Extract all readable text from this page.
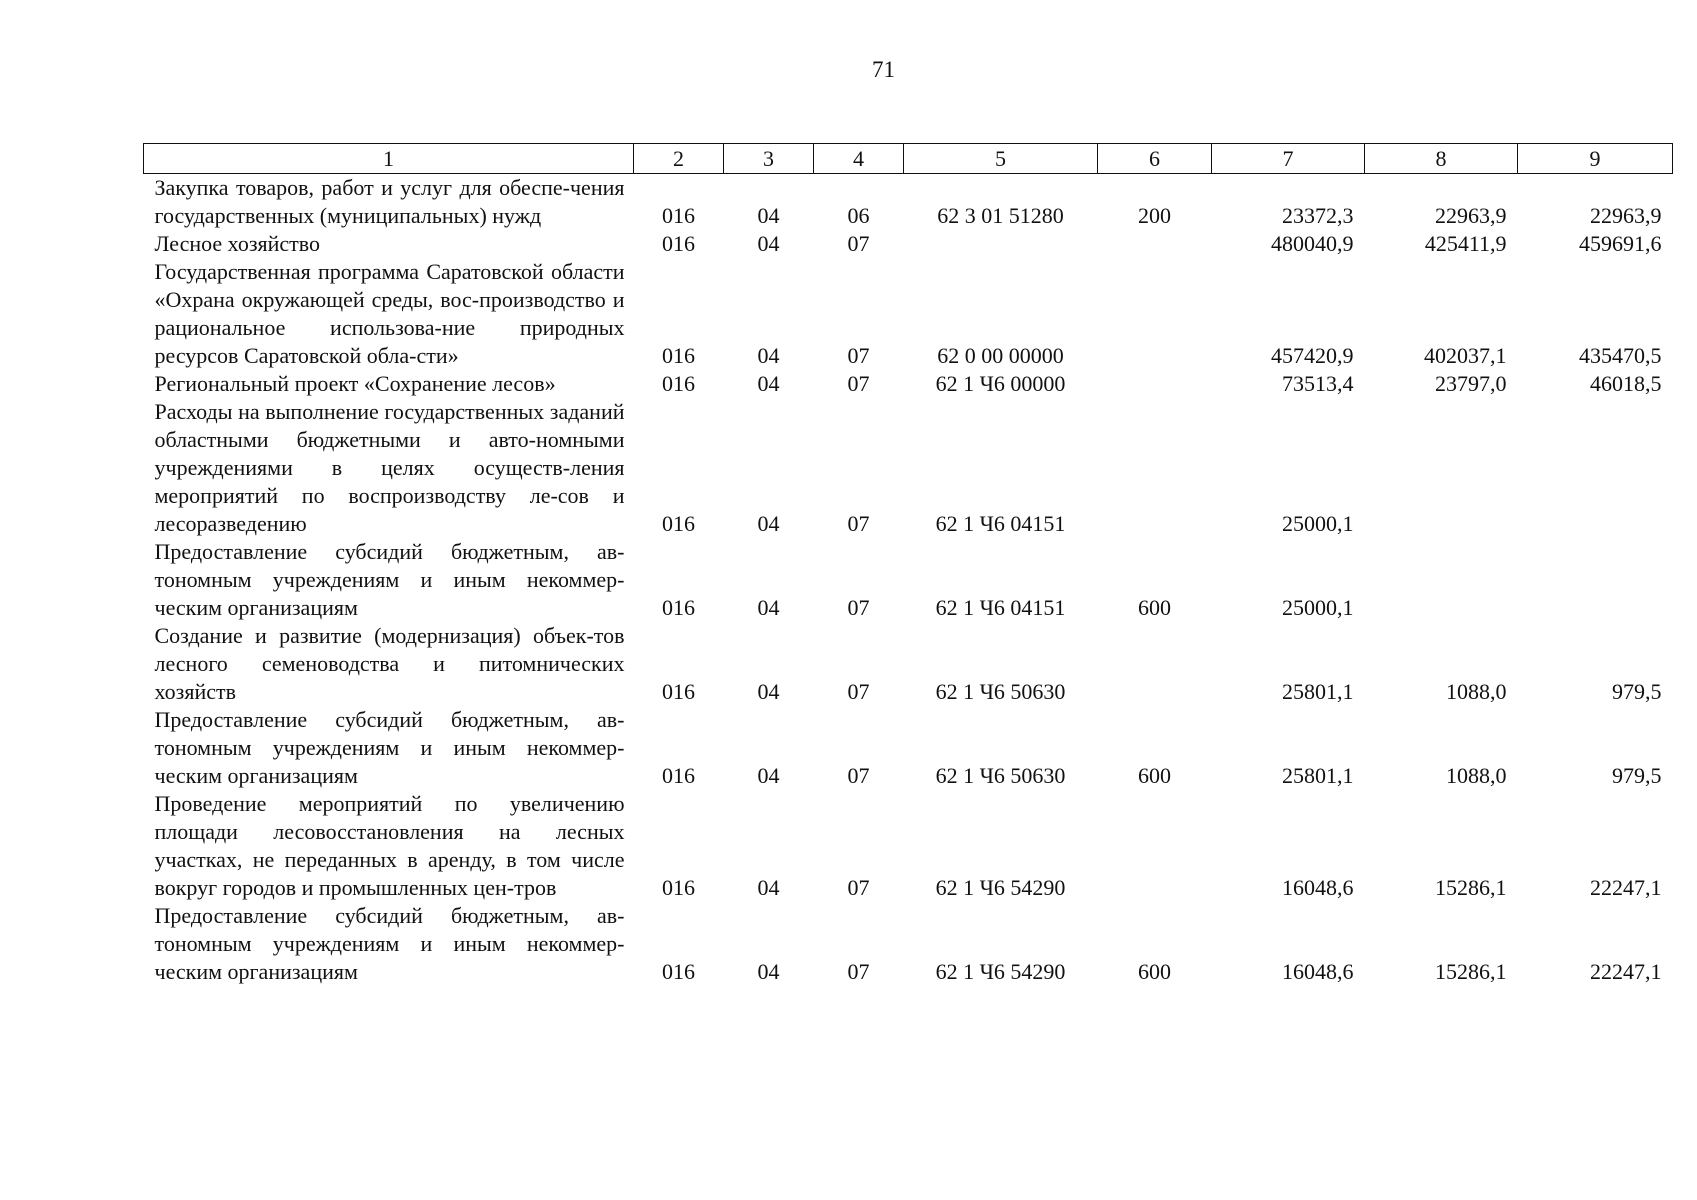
71
1	2	3	4	5	6	7	8	9
Закупка товаров, работ и услуг для обеспе-чения государственных (муниципальных) нужд	016	04	06	62 3 01 51280	200	23372,3	22963,9	22963,9
Лесное хозяйство	016	04	07			480040,9	425411,9	459691,6
Государственная программа Саратовской области «Охрана окружающей среды, вос-производство и рациональное использова-ние природных ресурсов Саратовской обла-сти»	016	04	07	62 0 00 00000		457420,9	402037,1	435470,5
Региональный проект «Сохранение лесов»	016	04	07	62 1 Ч6 00000		73513,4	23797,0	46018,5
Расходы на выполнение государственных заданий областными бюджетными и авто-номными учреждениями в целях осуществ-ления мероприятий по воспроизводству ле-сов и лесоразведению	016	04	07	62 1 Ч6 04151		25000,1		
Предоставление субсидий бюджетным, ав-тономным учреждениям и иным некоммер-ческим организациям	016	04	07	62 1 Ч6 04151	600	25000,1		
Создание и развитие (модернизация) объек-тов лесного семеноводства и питомнических хозяйств	016	04	07	62 1 Ч6 50630		25801,1	1088,0	979,5
Предоставление субсидий бюджетным, ав-тономным учреждениям и иным некоммер-ческим организациям	016	04	07	62 1 Ч6 50630	600	25801,1	1088,0	979,5
Проведение мероприятий по увеличению площади лесовосстановления на лесных участках, не переданных в аренду, в том числе вокруг городов и промышленных цен-тров	016	04	07	62 1 Ч6 54290		16048,6	15286,1	22247,1
Предоставление субсидий бюджетным, ав-тономным учреждениям и иным некоммер-ческим организациям	016	04	07	62 1 Ч6 54290	600	16048,6	15286,1	22247,1
